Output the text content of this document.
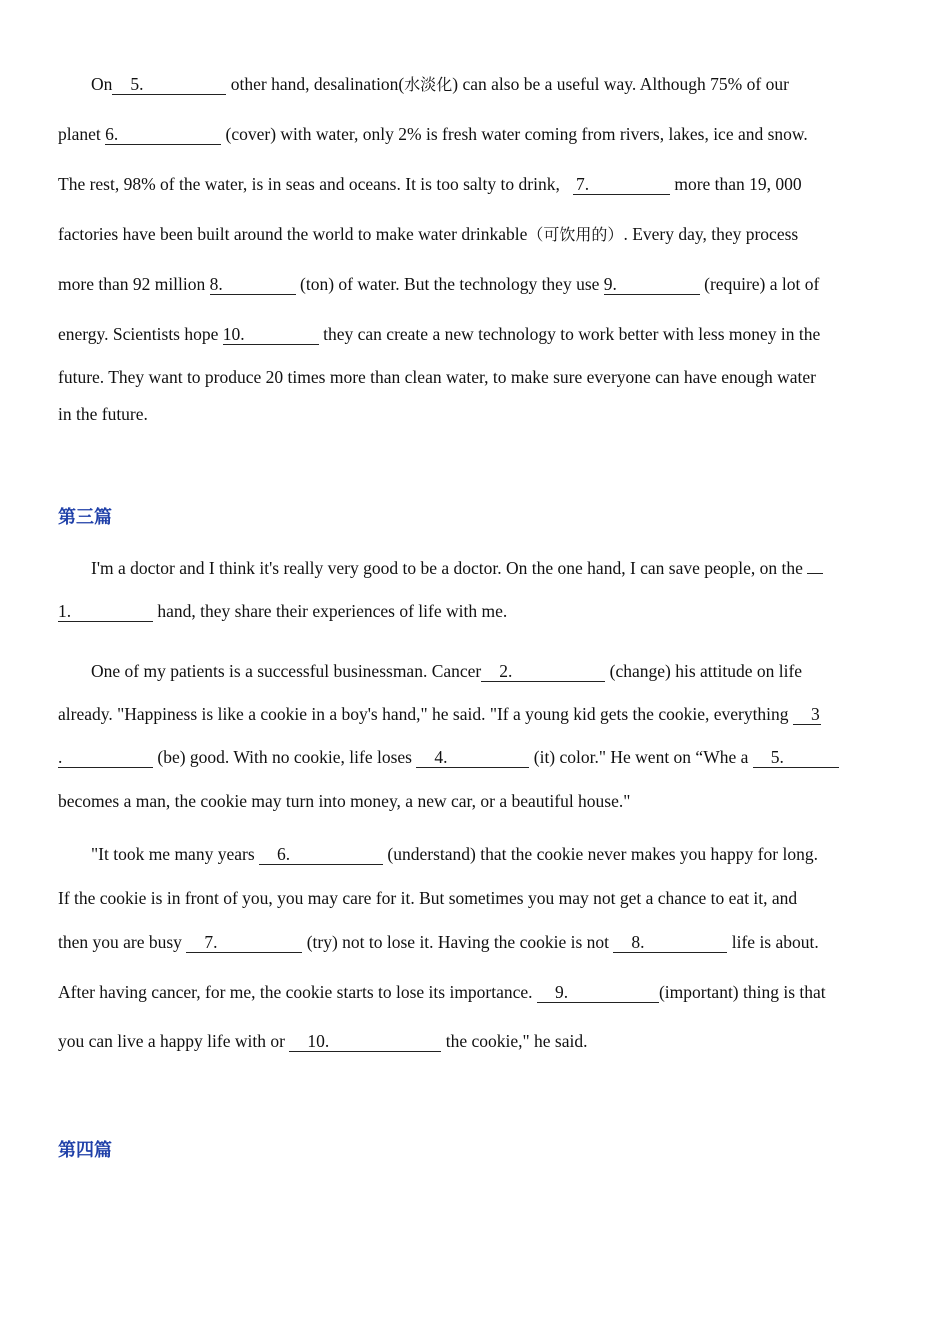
On 5.	other hand, desalination(水淡化) can also be a useful way. Although 75% of our
planet 6.	(cover) with water, only 2% is fresh water coming from rivers, lakes, ice and snow.
The rest, 98% of the water, is in seas and oceans. It is too salty to drink, 7.	more than 19, 000
factories have been built around the world to make water drinkable（可饮用的）. Every day, they process
more than 92 million 8.	(ton) of water. But the technology they use 9.	(require) a lot of
energy. Scientists hope 10.	they can create a new technology to work better with less money in the
future. They want to produce 20 times more than clean water, to make sure everyone can have enough water
in the future.
第三篇
I'm a doctor and I think it's really very good to be a doctor. On the one hand, I can save people, on the
1.	hand, they share their experiences of life with me.
One of my patients is a successful businessman. Cancer 2.	(change) his attitude on life
already. "Happiness is like a cookie in a boy's hand," he said. "If a young kid gets the cookie, everything 3
.	(be) good. With no cookie, life loses 4.	(it) color." He went on “Whe a 5.
becomes a man, the cookie may turn into money, a new car, or a beautiful house."
"It took me many years 6.	(understand) that the cookie never makes you happy for long.
If the cookie is in front of you, you may care for it. But sometimes you may not get a chance to eat it, and
then you are busy 7.	(try) not to lose it. Having the cookie is not 8.	life is about.
After having cancer, for me, the cookie starts to lose its importance. 9.	(important) thing is that
you can live a happy life with or 10.	the cookie," he said.
第四篇
